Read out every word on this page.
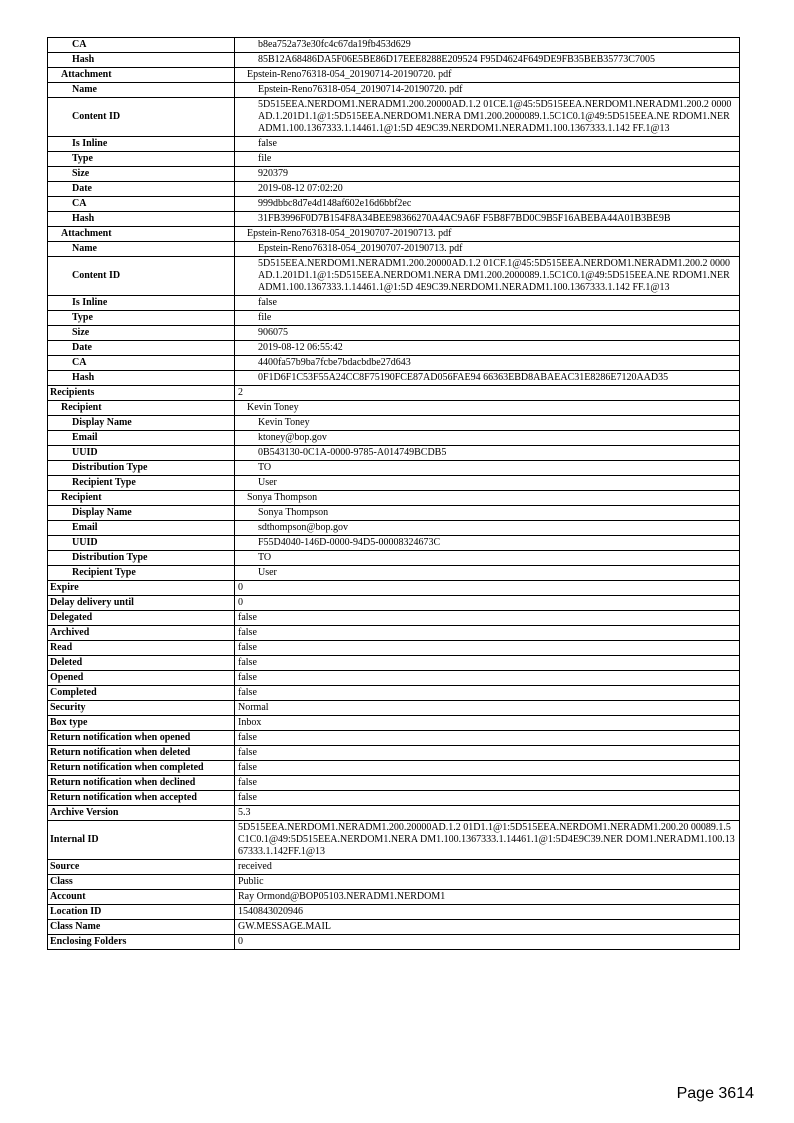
CA	b8ea752a73e30fc4c67da19fb453d629
Hash	85B12A68486DA5F06E5BE86D17EEE8288E209524 F95D4624F649DE9FB35BEB35773C7005
Attachment	Epstein-Reno76318-054_20190714-20190720. pdf
Name	Epstein-Reno76318-054_20190714-20190720. pdf
Content ID	5D515EEA.NERDOM1.NERADM1.200.20000AD.1.2 01CE.1@45:5D515EEA.NERDOM1.NERADM1.200.2 0000AD.1.201D1.1@1:5D515EEA.NERDOM1.NERA DM1.200.2000089.1.5C1C0.1@49:5D515EEA.NE RDOM1.NERADM1.100.1367333.1.14461.1@1:5D 4E9C39.NERDOM1.NERADM1.100.1367333.1.142 FF.1@13
Is Inline	false
Type	file
Size	920379
Date	2019-08-12 07:02:20
CA	999dbbc8d7e4d148af602e16d6bbf2ec
Hash	31FB3996F0D7B154F8A34BEE98366270A4AC9A6F F5B8F7BD0C9B5F16ABEBA44A01B3BE9B
Attachment	Epstein-Reno76318-054_20190707-20190713. pdf
Name	Epstein-Reno76318-054_20190707-20190713. pdf
Content ID	5D515EEA.NERDOM1.NERADM1.200.20000AD.1.2 01CF.1@45:5D515EEA.NERDOM1.NERADM1.200.2 0000AD.1.201D1.1@1:5D515EEA.NERDOM1.NERA DM1.200.2000089.1.5C1C0.1@49:5D515EEA.NE RDOM1.NERADM1.100.1367333.1.14461.1@1:5D 4E9C39.NERDOM1.NERADM1.100.1367333.1.142 FF.1@13
Is Inline	false
Type	file
Size	906075
Date	2019-08-12 06:55:42
CA	4400fa57b9ba7fcbe7bdacbdbe27d643
Hash	0F1D6F1C53F55A24CC8F75190FCE87AD056FAE94 66363EBD8ABAEAC31E8286E7120AAD35
Recipients	2
Recipient	Kevin Toney
Display Name	Kevin Toney
Email	ktoney@bop.gov
UUID	0B543130-0C1A-0000-9785-A014749BCDB5
Distribution Type	TO
Recipient Type	User
Recipient	Sonya Thompson
Display Name	Sonya Thompson
Email	sdthompson@bop.gov
UUID	F55D4040-146D-0000-94D5-00008324673C
Distribution Type	TO
Recipient Type	User
Expire	0
Delay delivery until	0
Delegated	false
Archived	false
Read	false
Deleted	false
Opened	false
Completed	false
Security	Normal
Box type	Inbox
Return notification when opened	false
Return notification when deleted	false
Return notification when completed	false
Return notification when declined	false
Return notification when accepted	false
Archive Version	5.3
Internal ID	5D515EEA.NERDOM1.NERADM1.200.20000AD.1.2 01D1.1@1:5D515EEA.NERDOM1.NERADM1.200.20 00089.1.5C1C0.1@49:5D515EEA.NERDOM1.NERA DM1.100.1367333.1.14461.1@1:5D4E9C39.NER DOM1.NERADM1.100.1367333.1.142FF.1@13
Source	received
Class	Public
Account	Ray Ormond@BOP05103.NERADM1.NERDOM1
Location ID	1540843020946
Class Name	GW.MESSAGE.MAIL
Enclosing Folders	0
Page 3614
